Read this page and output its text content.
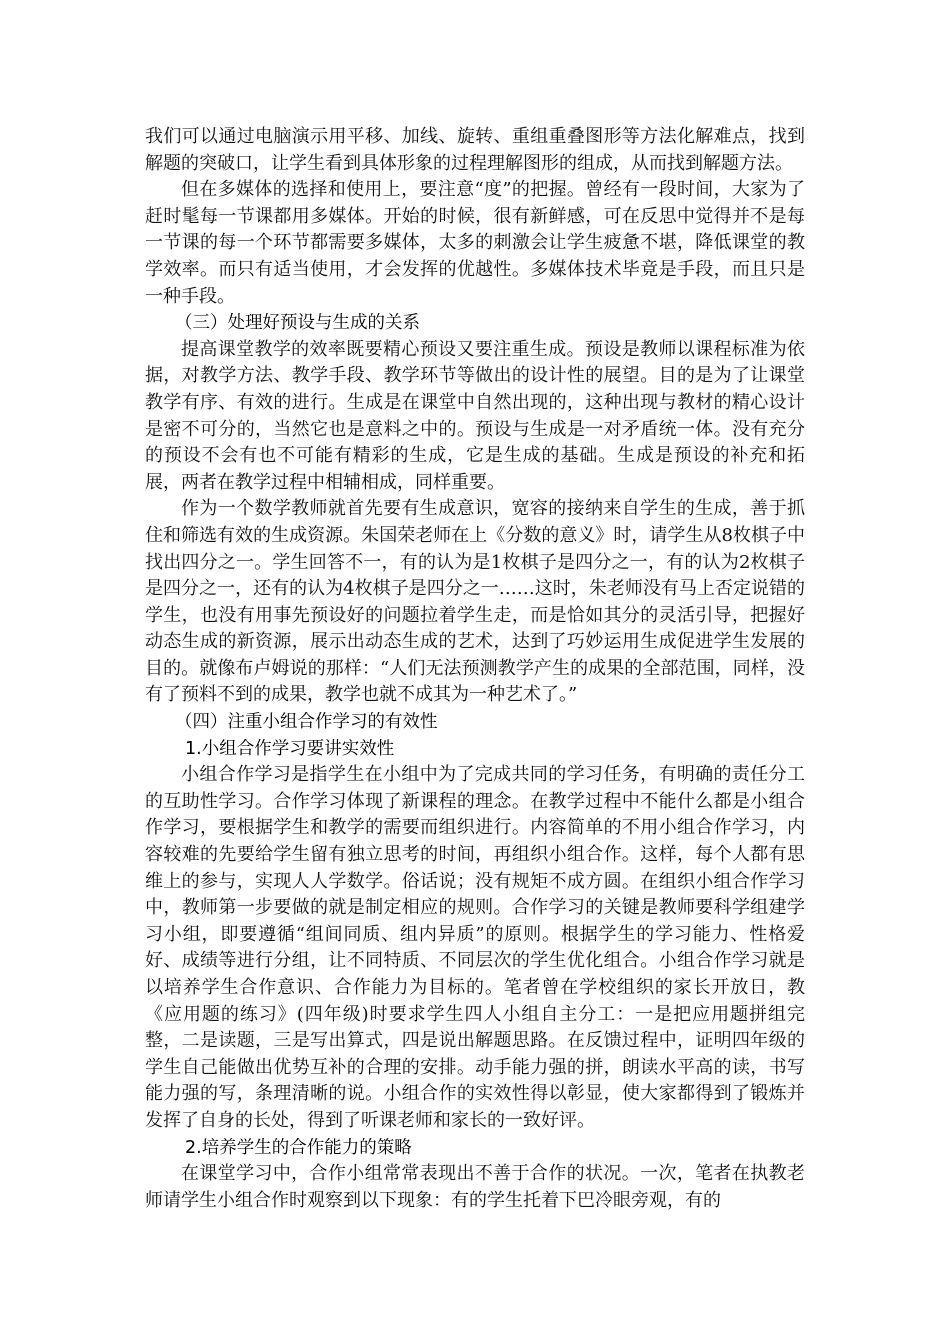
我们可以通过电脑演示用平移、加线、旋转、重组重叠图形等方法化解难点，找到解题的突破口，让学生看到具体形象的过程理解图形的组成，从而找到解题方法。

但在多媒体的选择和使用上，要注意“度”的把握。曾经有一段时间，大家为了赶时髦每一节课都用多媒体。开始的时候，很有新鲜感，可在反思中觉得并不是每一节课的每一个环节都需要多媒体，太多的刺激会让学生疲惫不堪，降低课堂的教学效率。而只有适当使用，才会发挥的优越性。多媒体技术毕竟是手段，而且只是一种手段。

（三）处理好预设与生成的关系

提高课堂教学的效率既要精心预设又要注重生成。预设是教师以课程标准为依据，对教学方法、教学手段、教学环节等做出的设计性的展望。目的是为了让课堂教学有序、有效的进行。生成是在课堂中自然出现的，这种出现与教材的精心设计是密不可分的，当然它也是意料之中的。预设与生成是一对矛盾统一体。没有充分的预设不会有也不可能有精彩的生成，它是生成的基础。生成是预设的补充和拓展，两者在教学过程中相辅相成，同样重要。

作为一个数学教师就首先要有生成意识，宽容的接纳来自学生的生成，善于抓住和筛选有效的生成资源。朱国荣老师在上《分数的意义》时，请学生从8枚棋子中找出四分之一。学生回答不一，有的认为是1枚棋子是四分之一，有的认为2枚棋子是四分之一，还有的认为4枚棋子是四分之一……这时，朱老师没有马上否定说错的学生，也没有用事先预设好的问题拉着学生走，而是恰如其分的灵活引导，把握好动态生成的新资源，展示出动态生成的艺术，达到了巧妙运用生成促进学生发展的目的。就像布卢姆说的那样：“人们无法预测教学产生的成果的全部范围，同样，没有了预料不到的成果，教学也就不成其为一种艺术了。”

（四）注重小组合作学习的有效性

1.小组合作学习要讲实效性

小组合作学习是指学生在小组中为了完成共同的学习任务，有明确的责任分工的互助性学习。合作学习体现了新课程的理念。在教学过程中不能什么都是小组合作学习，要根据学生和教学的需要而组织进行。内容简单的不用小组合作学习，内容较难的先要给学生留有独立思考的时间，再组织小组合作。这样，每个人都有思维上的参与，实现人人学数学。俗话说；没有规矩不成方圆。在组织小组合作学习中，教师第一步要做的就是制定相应的规则。合作学习的关键是教师要科学组建学习小组，即要遵循“组间同质、组内异质”的原则。根据学生的学习能力、性格爱好、成绩等进行分组，让不同特质、不同层次的学生优化组合。小组合作学习就是以培养学生合作意识、合作能力为目标的。笔者曾在学校组织的家长开放日，教《应用题的练习》(四年级)时要求学生四人小组自主分工：一是把应用题拼组完整，二是读题，三是写出算式，四是说出解题思路。在反馈过程中，证明四年级的学生自己能做出优势互补的合理的安排。动手能力强的拼，朗读水平高的读，书写能力强的写，条理清晰的说。小组合作的实效性得以彰显，使大家都得到了锻炼并发挥了自身的长处，得到了听课老师和家长的一致好评。

2.培养学生的合作能力的策略

在课堂学习中，合作小组常常表现出不善于合作的状况。一次，笔者在执教老师请学生小组合作时观察到以下现象：有的学生托着下巴冷眼旁观，有的
